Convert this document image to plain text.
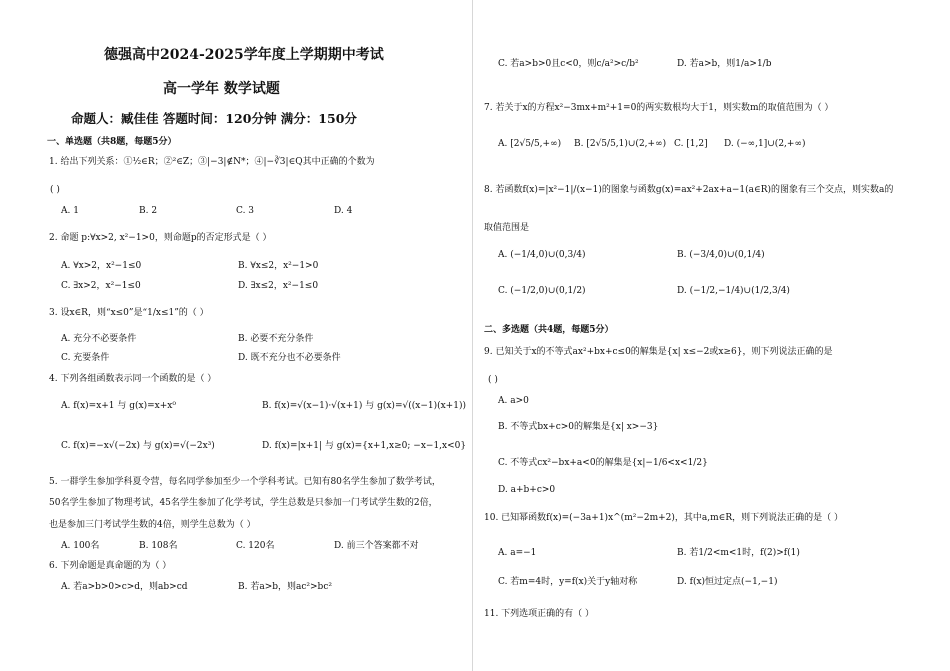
德强高中2024-2025学年度上学期期中考试
高一学年 数学试题
命题人：臧佳佳 答题时间：120分钟 满分：150分
一、单选题（共8题，每题5分）
1. 给出下列关系：①½∈R；②²∈Z；③|−3|∉N*；④|−∛3|∈Q其中正确的个数为
( )
A. 1	B. 2	C. 3	D. 4
2. 命题 p:∀x>2, x²−1>0，则命题p的否定形式是（ ）
A. ∀x>2，x²−1≤0	B. ∀x≤2，x²−1>0
C. ∃x>2，x²−1≤0	D. ∃x≤2，x²−1≤0
3. 设x∈R，则“x≤0”是“1/x≤1”的（ ）
A. 充分不必要条件	B. 必要不充分条件
C. 充要条件	D. 既不充分也不必要条件
4. 下列各组函数表示同一个函数的是（ ）
A. f(x)=x+1 与 g(x)=x+x⁰	B. f(x)=√(x−1)·√(x+1) 与 g(x)=√((x−1)(x+1))
C. f(x)=−x√(−2x) 与 g(x)=√(−2x³)	D. f(x)=|x+1| 与 g(x)={x+1,x≥0; −x−1,x<0}
5. 一群学生参加学科夏令营，每名同学参加至少一个学科考试。已知有80名学生参加了数学考试，
50名学生参加了物理考试，45名学生参加了化学考试，学生总数是只参加一门考试学生数的2倍，
也是参加三门考试学生数的4倍，则学生总数为（ ）
A. 100名	B. 108名	C. 120名	D. 前三个答案都不对
6. 下列命题是真命题的为（ ）
A. 若a>b>0>c>d，则ab>cd	B. 若a>b，则ac²>bc²
C. 若a>b>0且c<0，则c/a²>c/b²	D. 若a>b，则1/a>1/b
7. 若关于x的方程x²−3mx+m²+1=0的两实数根均大于1，则实数m的取值范围为（ ）
A. [2√5/5,+∞) B. [2√5/5,1)∪(2,+∞) C. [1,2] D. (−∞,1]∪(2,+∞)
8. 若函数f(x)=|x²−1|/(x−1)的图象与函数g(x)=ax²+2ax+a−1(a∈R)的图象有三个交点，则实数a的
取值范围是
A. (−1/4,0)∪(0,3/4)	B. (−3/4,0)∪(0,1/4)
C. (−1/2,0)∪(0,1/2)	D. (−1/2,−1/4)∪(1/2,3/4)
二、多选题（共4题，每题5分）
9. 已知关于x的不等式ax²+bx+c≤0的解集是{x| x≤−2或x≥6}，则下列说法正确的是
( )
A. a>0
B. 不等式bx+c>0的解集是{x| x>−3}
C. 不等式cx²−bx+a<0的解集是{x|−1/6<x<1/2}
D. a+b+c>0
10. 已知幂函数f(x)=(−3a+1)x^(m²−2m+2)，其中a,m∈R，则下列说法正确的是（ ）
A. a=−1	B. 若1/2<m<1时，f(2)>f(1)
C. 若m=4时，y=f(x)关于y轴对称	D. f(x)恒过定点(−1,−1)
11. 下列选项正确的有（ ）
